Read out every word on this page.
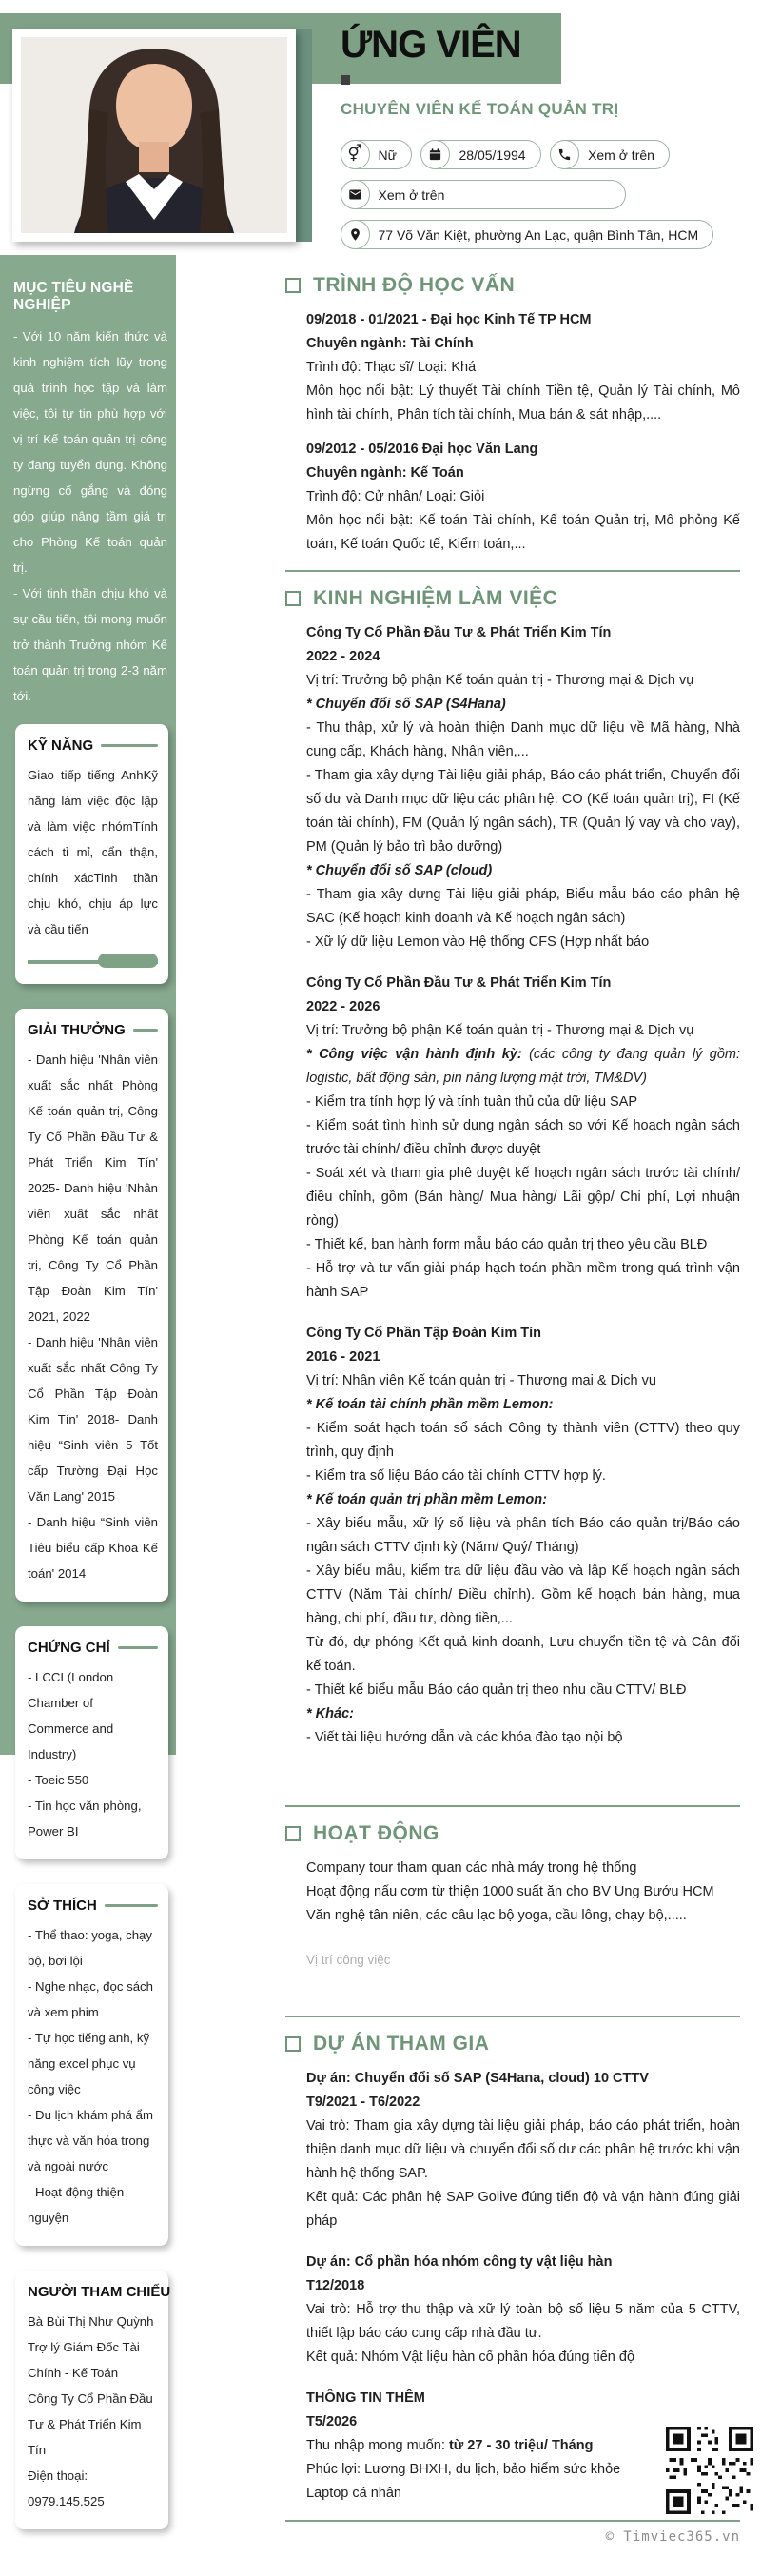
ỨNG VIÊN
CHUYÊN VIÊN KẾ TOÁN QUẢN TRỊ
⚥	Nữ	28/05/1994	Xem ở trên
Xem ở trên
77 Võ Văn Kiệt, phường An Lạc, quận Bình Tân, HCM
MỤC TIÊU NGHỀ NGHIỆP

- Với 10 năm kiến thức và kinh nghiệm tích lũy trong quá trình học tập và làm việc, tôi tự tin phù hợp với vị trí Kế toán quản trị công ty đang tuyển dụng. Không ngừng cố gắng và đóng góp giúp nâng tầm giá trị cho Phòng Kế toán quản trị.

- Với tinh thần chịu khó và sự cầu tiến, tôi mong muốn trở thành Trưởng nhóm Kế toán quản trị trong 2-3 năm tới.

KỸ NĂNG

Giao tiếp tiếng AnhKỹ năng làm việc độc lập và làm việc nhómTính cách tỉ mỉ, cẩn thận, chính xácTinh thần chịu khó, chịu áp lực và cầu tiến

GIẢI THƯỞNG

- Danh hiệu 'Nhân viên xuất sắc nhất Phòng Kế toán quản trị, Công Ty Cổ Phần Đầu Tư & Phát Triển Kim Tín' 2025- Danh hiệu 'Nhân viên xuất sắc nhất Phòng Kế toán quản trị, Công Ty Cổ Phần Tập Đoàn Kim Tín' 2021, 2022

- Danh hiệu 'Nhân viên xuất sắc nhất Công Ty Cổ Phần Tập Đoàn Kim Tín' 2018- Danh hiệu “Sinh viên 5 Tốt cấp Trường Đại Học Văn Lang' 2015

- Danh hiệu “Sinh viên Tiêu biểu cấp Khoa Kế toán' 2014

CHỨNG CHỈ

- LCCI (London Chamber of Commerce and Industry)

- Toeic 550

- Tin học văn phòng, Power BI

SỞ THÍCH

- Thể thao: yoga, chạy bộ, bơi lội

- Nghe nhạc, đọc sách và xem phim

- Tự học tiếng anh, kỹ năng excel phục vụ công việc

- Du lịch khám phá ẩm thực và văn hóa trong và ngoài nước

- Hoạt động thiện nguyện

NGƯỜI THAM CHIẾU

Bà Bùi Thị Như Quỳnh

Trợ lý Giám Đốc Tài Chính - Kế Toán

Công Ty Cổ Phần Đầu Tư & Phát Triển Kim Tín

Điện thoại: 0979.145.525

TRÌNH ĐỘ HỌC VẤN

09/2018 - 01/2021 - Đại học Kinh Tế TP HCM

Chuyên ngành: Tài Chính

Trình độ: Thạc sĩ/ Loại: Khá

Môn học nổi bật: Lý thuyết Tài chính Tiền tệ, Quản lý Tài chính, Mô hình tài chính, Phân tích tài chính, Mua bán & sát nhập,....

09/2012 - 05/2016 Đại học Văn Lang

Chuyên ngành: Kế Toán

Trình độ: Cử nhân/ Loại: Giỏi

Môn học nổi bật: Kế toán Tài chính, Kế toán Quản trị, Mô phỏng Kế toán, Kế toán Quốc tế, Kiểm toán,...

KINH NGHIỆM LÀM VIỆC

Công Ty Cổ Phần Đầu Tư & Phát Triển Kim Tín

2022 - 2024

Vị trí: Trưởng bộ phận Kế toán quản trị - Thương mại & Dịch vụ

* Chuyển đổi số SAP (S4Hana)

- Thu thập, xử lý và hoàn thiện Danh mục dữ liệu về Mã hàng, Nhà cung cấp, Khách hàng, Nhân viên,...

- Tham gia xây dựng Tài liệu giải pháp, Báo cáo phát triển, Chuyển đổi số dư và Danh mục dữ liệu các phân hệ: CO (Kế toán quản trị), FI (Kế toán tài chính), FM (Quản lý ngân sách), TR (Quản lý vay và cho vay), PM (Quản lý bảo trì bảo dưỡng)

* Chuyển đổi số SAP (cloud)

- Tham gia xây dựng Tài liệu giải pháp, Biểu mẫu báo cáo phân hệ SAC (Kế hoạch kinh doanh và Kế hoạch ngân sách)

- Xữ lý dữ liệu Lemon vào Hệ thống CFS (Hợp nhất báo

Công Ty Cổ Phần Đầu Tư & Phát Triển Kim Tín

2022 - 2026

Vị trí: Trưởng bộ phận Kế toán quản trị - Thương mại & Dịch vụ

* Công việc vận hành định kỳ: (các công ty đang quản lý gồm: logistic, bất động sản, pin năng lượng mặt trời, TM&DV)

- Kiểm tra tính hợp lý và tính tuân thủ của dữ liệu SAP

- Kiểm soát tình hình sử dụng ngân sách so với Kế hoạch ngân sách trước tài chính/ điều chỉnh được duyệt

- Soát xét và tham gia phê duyệt kế hoạch ngân sách trước tài chính/ điều chỉnh, gồm (Bán hàng/ Mua hàng/ Lãi gộp/ Chi phí, Lợi nhuận ròng)

- Thiết kế, ban hành form mẫu báo cáo quản trị theo yêu cầu BLĐ

- Hỗ trợ và tư vấn giải pháp hạch toán phần mềm trong quá trình vận hành SAP

Công Ty Cổ Phần Tập Đoàn Kim Tín

2016 - 2021

Vị trí: Nhân viên Kế toán quản trị - Thương mại & Dịch vụ

* Kế toán tài chính phần mềm Lemon:

- Kiểm soát hạch toán sổ sách Công ty thành viên (CTTV) theo quy trình, quy định

- Kiểm tra số liệu Báo cáo tài chính CTTV hợp lý.

* Kế toán quản trị phần mềm Lemon:

- Xây biểu mẫu, xữ lý số liệu và phân tích Báo cáo quản trị/Báo cáo ngân sách CTTV định kỳ (Năm/ Quý/ Tháng)

- Xây biểu mẫu, kiểm tra dữ liệu đầu vào và lập Kế hoạch ngân sách CTTV (Năm Tài chính/ Điều chỉnh). Gồm kế hoạch bán hàng, mua hàng, chi phí, đầu tư, dòng tiền,...

Từ đó, dự phóng Kết quả kinh doanh, Lưu chuyển tiền tệ và Cân đối kế toán.

- Thiết kế biểu mẫu Báo cáo quản trị theo nhu cầu CTTV/ BLĐ

* Khác:

- Viết tài liệu hướng dẫn và các khóa đào tạo nội bộ

HOẠT ĐỘNG

Company tour tham quan các nhà máy trong hệ thống

Hoạt động nấu cơm từ thiện 1000 suất ăn cho BV Ung Bướu HCM

Văn nghệ tân niên, các câu lạc bộ yoga, cầu lông, chạy bộ,.....

Vị trí công việc
DỰ ÁN THAM GIA

Dự án: Chuyển đổi số SAP (S4Hana, cloud) 10 CTTV

T9/2021 - T6/2022

Vai trò: Tham gia xây dựng tài liệu giải pháp, báo cáo phát triển, hoàn thiện danh mục dữ liệu và chuyển đổi số dư các phân hệ trước khi vận hành hệ thống SAP.

Kết quả: Các phân hệ SAP Golive đúng tiến độ và vận hành đúng giải pháp

Dự án: Cổ phần hóa nhóm công ty vật liệu hàn

T12/2018

Vai trò: Hỗ trợ thu thập và xữ lý toàn bộ số liệu 5 năm của 5 CTTV, thiết lập báo cáo cung cấp nhà đầu tư.

Kết quả: Nhóm Vật liệu hàn cổ phần hóa đúng tiến độ

THÔNG TIN THÊM

T5/2026

Thu nhập mong muốn: từ 27 - 30 triệu/ Tháng

Phúc lợi: Lương BHXH, du lịch, bảo hiểm sức khỏe

Laptop cá nhân

© Timviec365.vn
